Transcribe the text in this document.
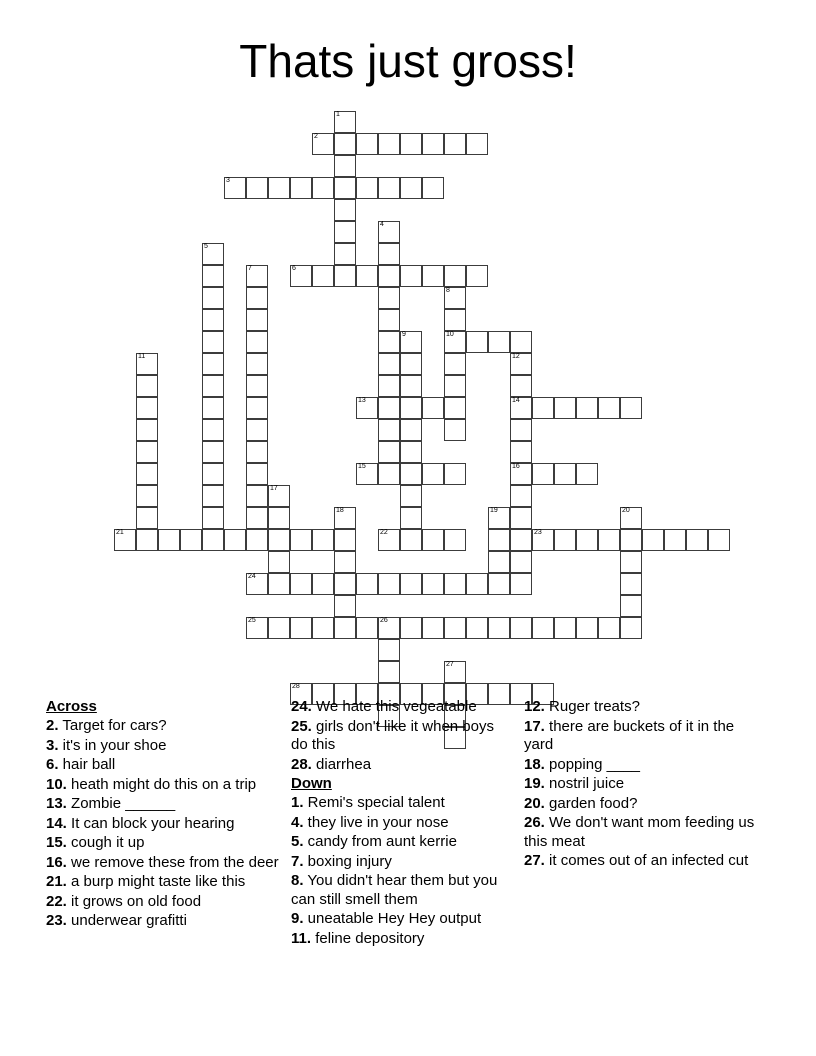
Thats just gross!
1
2
3
4
5
6
7
8
10
9
11	12
14
16
13
15
17
18	19	20
21	22	23
24
25	26
27
28
Across

2. Target for cars?

3. it's in your shoe

6. hair ball

10. heath might do this on a trip

13. Zombie ______

14. It can block your hearing

15. cough it up

16. we remove these from the deer

21. a burp might taste like this

22. it grows on old food

23. underwear grafitti

24. We hate this vegeatable

25. girls don't like it when boys do this

28. diarrhea

Down

1. Remi's special talent

4. they live in your nose

5. candy from aunt kerrie

7. boxing injury

8. You didn't hear them but you can still smell them

9. uneatable Hey Hey output

11. feline depository

12. Ruger treats?

17. there are buckets of it in the yard

18. popping ____

19. nostril juice

20. garden food?

26. We don't want mom feeding us this meat

27. it comes out of an infected cut
